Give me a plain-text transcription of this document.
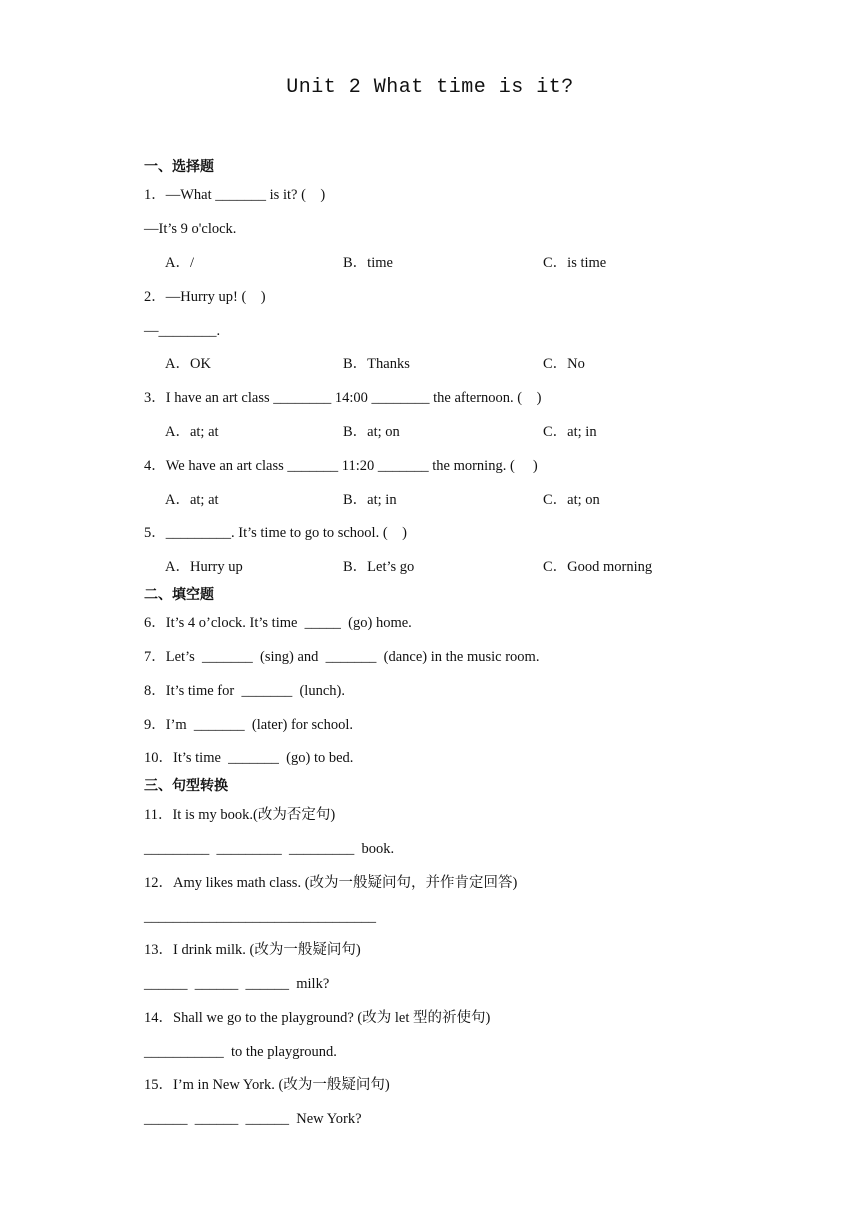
Unit 2 What time is it?
一、选择题
1．—What _______ is it? (    )
—It’s 9 o'clock.
A．/	B．time	C．is time
2．—Hurry up! (    )
—________.
A．OK	B．Thanks	C．No
3．I have an art class ________ 14:00 ________ the afternoon. (    )
A．at; at	B．at; on	C．at; in
4．We have an art class _______ 11:20 _______ the morning. (     )
A．at; at	B．at; in	C．at; on
5．_________. It’s time to go to school. (    )
A．Hurry up	B．Let’s go	C．Good morning
二、填空题
6．It’s 4 o’clock. It’s time  _____  (go) home.
7．Let’s  _______  (sing) and  _______  (dance) in the music room.
8．It’s time for  _______  (lunch).
9．I’m  _______  (later) for school.
10．It’s time  _______  (go) to bed.
三、句型转换
11．It is my book.(改为否定句)
_________  _________  _________  book.
12．Amy likes math class. (改为一般疑问句，并作肯定回答)
________________________________
13．I drink milk. (改为一般疑问句)
______  ______  ______  milk?
14．Shall we go to the playground? (改为 let 型的祈使句)
___________  to the playground.
15．I’m in New York. (改为一般疑问句)
______  ______  ______  New York?
